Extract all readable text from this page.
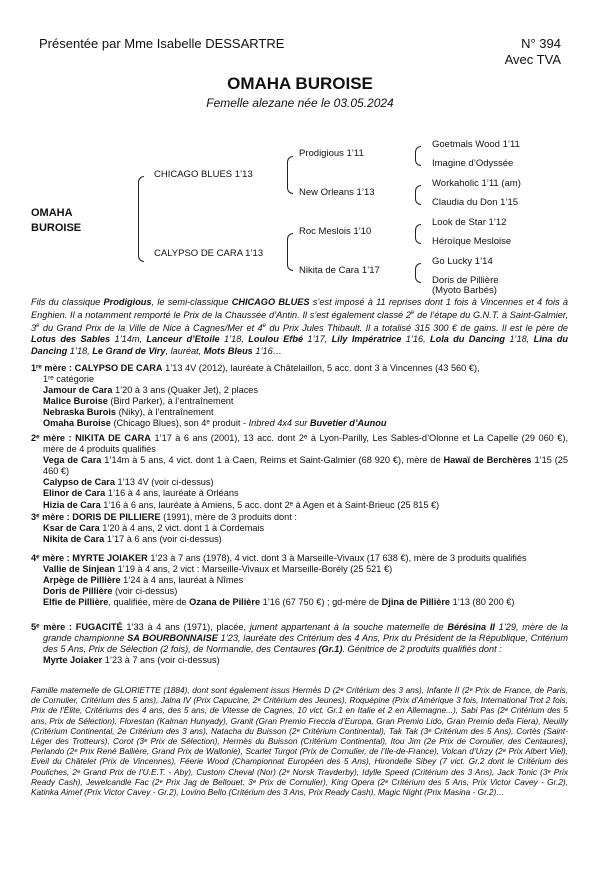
Présentée par Mme Isabelle DESSARTRE	N° 394
Avec TVA
OMAHA BUROISE
Femelle alezane née le 03.05.2024
OMAHA
BUROISE
CHICAGO BLUES 1’13
CALYPSO DE CARA 1’13
Prodigious 1’11
New Orleans 1’13
Roc Meslois 1’10
Nikita de Cara 1’17
Goetmals Wood 1’11
Imagine d’Odyssée
Workaholic 1’11 (am)
Claudia du Don 1’15
Look de Star 1’12
Héroïque Mesloise
Go Lucky 1’14
Doris de Pillière
(Myoto Barbés)
Fils du classique Prodigious, le semi-classique CHICAGO BLUES s’est imposé à 11 reprises dont 1 fois à Vincennes et 4 fois à Enghien. Il a notamment remporté le Prix de la Chaussée d’Antin. Il s’est également classé 2e de l’étape du G.N.T. à Saint-Galmier, 3e du Grand Prix de la Ville de Nice à Cagnes/Mer et 4e du Prix Jules Thibault. Il a totalisé 315 300 € de gains. Il est le père de Lotus des Sables 1’14m, Lanceur d’Etoile 1’18, Loulou Efbé 1’17, Lily Impératrice 1’16, Lola du Dancing 1’18, Lina du Dancing 1’18, Le Grand de Viry, lauréat, Mots Bleus 1’16…
1ʳᵉ mère : CALYPSO DE CARA 1’13 4V (2012), lauréate à Châtelaillon, 5 acc. dont 3 à Vincennes (43 560 €),
1ʳᵉ catégorie
Jamour de Cara 1’20 à 3 ans (Quaker Jet), 2 places
Malice Buroise (Bird Parker), à l’entraînement
Nebraska Burois (Niky), à l’entraînement
Omaha Buroise (Chicago Blues), son 4ᵉ produit - Inbred 4x4 sur Buvetier d’Aunou
2ᵉ mère : NIKITA DE CARA 1’17 à 6 ans (2001), 13 acc. dont 2ᵉ à Lyon-Parilly, Les Sables-d’Olonne et La Capelle (29 060 €), mère de 4 produits qualifiés
Vega de Cara 1’14m à 5 ans, 4 vict. dont 1 à Caen, Reims et Saint-Galmier (68 920 €), mère de Hawaï de Berchères 1’15 (25 460 €)
Calypso de Cara 1’13 4V (voir ci-dessus)
Elinor de Cara 1’16 à 4 ans, lauréate à Orléans
Hizia de Cara 1’16 à 6 ans, lauréate à Amiens, 5 acc. dont 2ᵉ à Agen et à Saint-Brieuc (25 815 €)
3ᵉ mère : DORIS DE PILLIERE (1991), mère de 3 produits dont :
Ksar de Cara 1’20 à 4 ans, 2 vict. dont 1 à Cordemais
Nikita de Cara 1’17 à 6 ans (voir ci-dessus)
4ᵉ mère : MYRTE JOIAKER 1’23 à 7 ans (1978), 4 vict. dont 3 à Marseille-Vivaux (17 638 €), mère de 3 produits qualifiés
Vallie de Sinjean 1’19 à 4 ans, 2 vict : Marseille-Vivaux et Marseille-Borély (25 521 €)
Arpège de Pillière 1’24 à 4 ans, lauréat à Nîmes
Doris de Pillière (voir ci-dessus)
Elfie de Pillière, qualifiée, mère de Ozana de Pilière 1’16 (67 750 €) ; gd-mère de Djina de Pillière 1’13 (80 200 €)
5ᵉ mère : FUGACITÉ 1’33 à 4 ans (1971), placée, jument appartenant à la souche maternelle de Bérésina II 1’29, mère de la grande championne SA BOURBONNAISE 1’23, lauréate des Critérium des 4 Ans, Prix du Président de la République, Critérium des 5 Ans, Prix de Sélection (2 fois), de Normandie, des Centaures (Gr.1). Génitrice de 2 produits qualifiés dont :
Myrte Joiaker 1’23 à 7 ans (voir ci-dessus)
Famille maternelle de GLORIETTE (1884), dont sont également issus Hermès D (2ᵉ Critérium des 3 ans), Infante II (2ᵉ Prix de France, de Paris, de Cornulier, Critérium des 5 ans), Jalna IV (Prix Capucine, 2ᵉ Critérium des Jeunes), Roquépine (Prix d’Amérique 3 fois, International Trot 2 fois, Prix de l’Élite, Critériums des 4 ans, des 5 ans, de Vitesse de Cagnes, 10 vict. Gr.1 en Italie et 2 en Allemagne...), Sabi Pas (2ᵉ Critérium des 5 ans, Prix de Sélection), Florestan (Kalman Hunyady), Granit (Gran Premio Freccia d’Europa, Gran Premio Lido, Gran Premio della Fiera), Neuilly (Critérium Continental, 2e Critérium des 3 ans), Natacha du Buisson (2ᵉ Critérium Continental), Tak Tak (3ᵉ Critérium des 5 Ans), Cortès (Saint-Léger des Trotteurs), Corot (3ᵉ Prix de Sélection), Hermès du Buisson (Critérium Continental), Itou Jim (2e Prix de Cornulier, des Centaures), Perlando (2ᵉ Prix René Ballière, Grand Prix de Wallonie), Scarlet Turgot (Prix de Cornulier, de l’Ile-de-France), Volcan d’Urzy (2ᵉ Prix Albert Viel), Eveil du Châtelet (Prix de Vincennes), Féerie Wood (Championnat Européen des 5 Ans), Hirondelle Sibey (7 vict. Gr.2 dont le Critérium des Pouliches, 2ᵉ Grand Prix de l’U.E.T. - Aby), Custom Cheval (Nor) (2ᵉ Norsk Travderby), Idylle Speed (Critérium des 3 Ans), Jack Tonic (3ᵉ Prix Ready Cash), Jewelcandle Fac (2ᵉ Prix Jag de Bellouet, 3ᵉ Prix de Cornulier), King Opera (2ᵉ Critérium des 5 Ans, Prix Victor Cavey - Gr.2), Katinka Aimef (Prix Victor Cavey - Gr.2), Lovino Bello (Critérium des 3 Ans, Prix Ready Cash), Magic Night (Prix Masina - Gr.2)…
